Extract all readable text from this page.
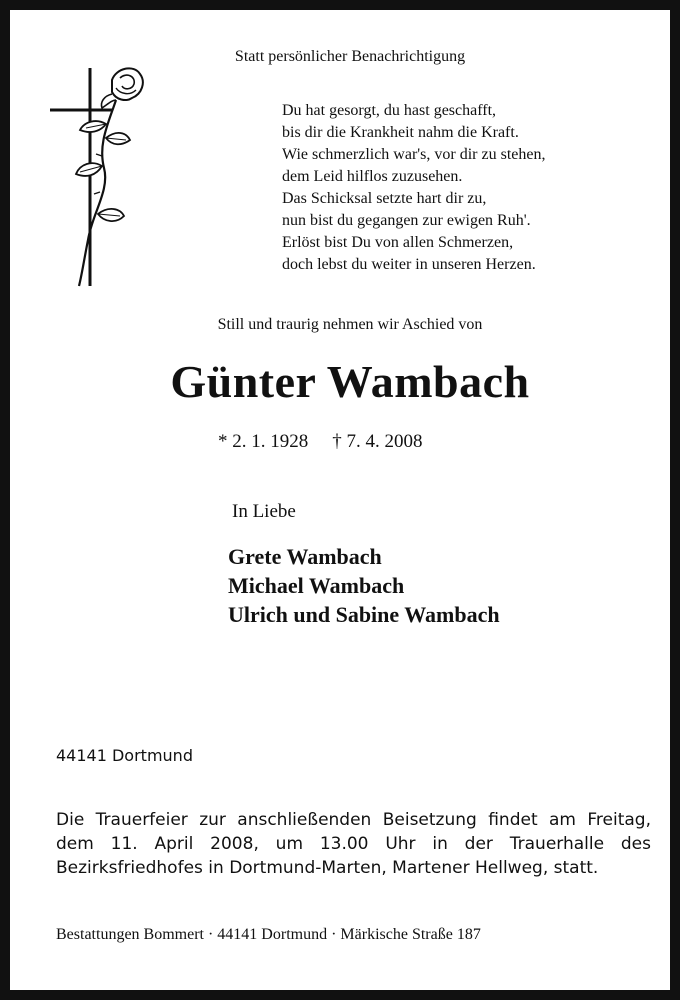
Statt persönlicher Benachrichtigung
Du hat gesorgt, du hast geschafft,
bis dir die Krankheit nahm die Kraft.
Wie schmerzlich war's, vor dir zu stehen,
dem Leid hilflos zuzusehen.
Das Schicksal setzte hart dir zu,
nun bist du gegangen zur ewigen Ruh'.
Erlöst bist Du von allen Schmerzen,
doch lebst du weiter in unseren Herzen.
Still und traurig nehmen wir Aschied von
Günter Wambach
* 2. 1. 1928 † 7. 4. 2008
In Liebe
Grete Wambach
Michael Wambach
Ulrich und Sabine Wambach
44141 Dortmund
Die Trauerfeier zur anschließenden Beisetzung findet am Freitag, dem 11. April 2008, um 13.00 Uhr in der Trauerhalle des Bezirksfriedhofes in Dortmund-Marten, Martener Hellweg, statt.
Bestattungen Bommert · 44141 Dortmund · Märkische Straße 187
